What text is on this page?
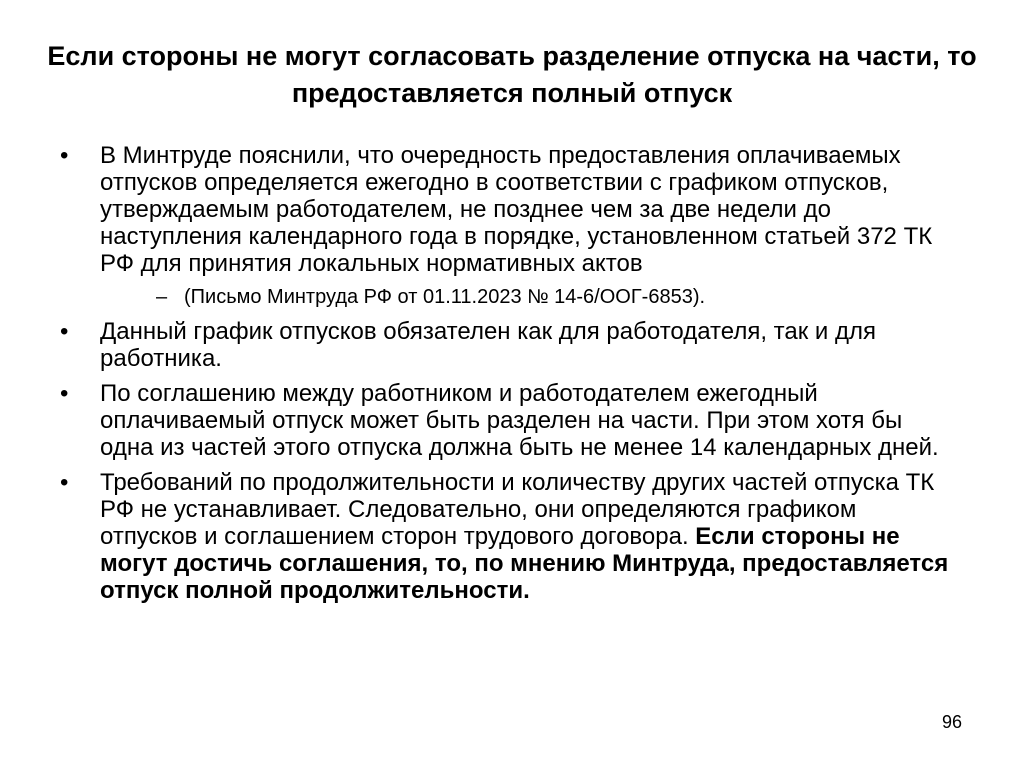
Если стороны не могут согласовать разделение отпуска на части, то предоставляется полный отпуск
• В Минтруде пояснили, что очередность предоставления оплачиваемых отпусков определяется ежегодно в соответствии с графиком отпусков, утверждаемым работодателем, не позднее чем за две недели до наступления календарного года в порядке, установленном статьей 372 ТК РФ для принятия локальных нормативных актов
– (Письмо Минтруда РФ от 01.11.2023 № 14-6/ООГ-6853).
• Данный график отпусков обязателен как для работодателя, так и для работника.
• По соглашению между работником и работодателем ежегодный оплачиваемый отпуск может быть разделен на части. При этом хотя бы одна из частей этого отпуска должна быть не менее 14 календарных дней.
• Требований по продолжительности и количеству других частей отпуска ТК РФ не устанавливает. Следовательно, они определяются графиком отпусков и соглашением сторон трудового договора. Если стороны не могут достичь соглашения, то, по мнению Минтруда, предоставляется отпуск полной продолжительности.
96
